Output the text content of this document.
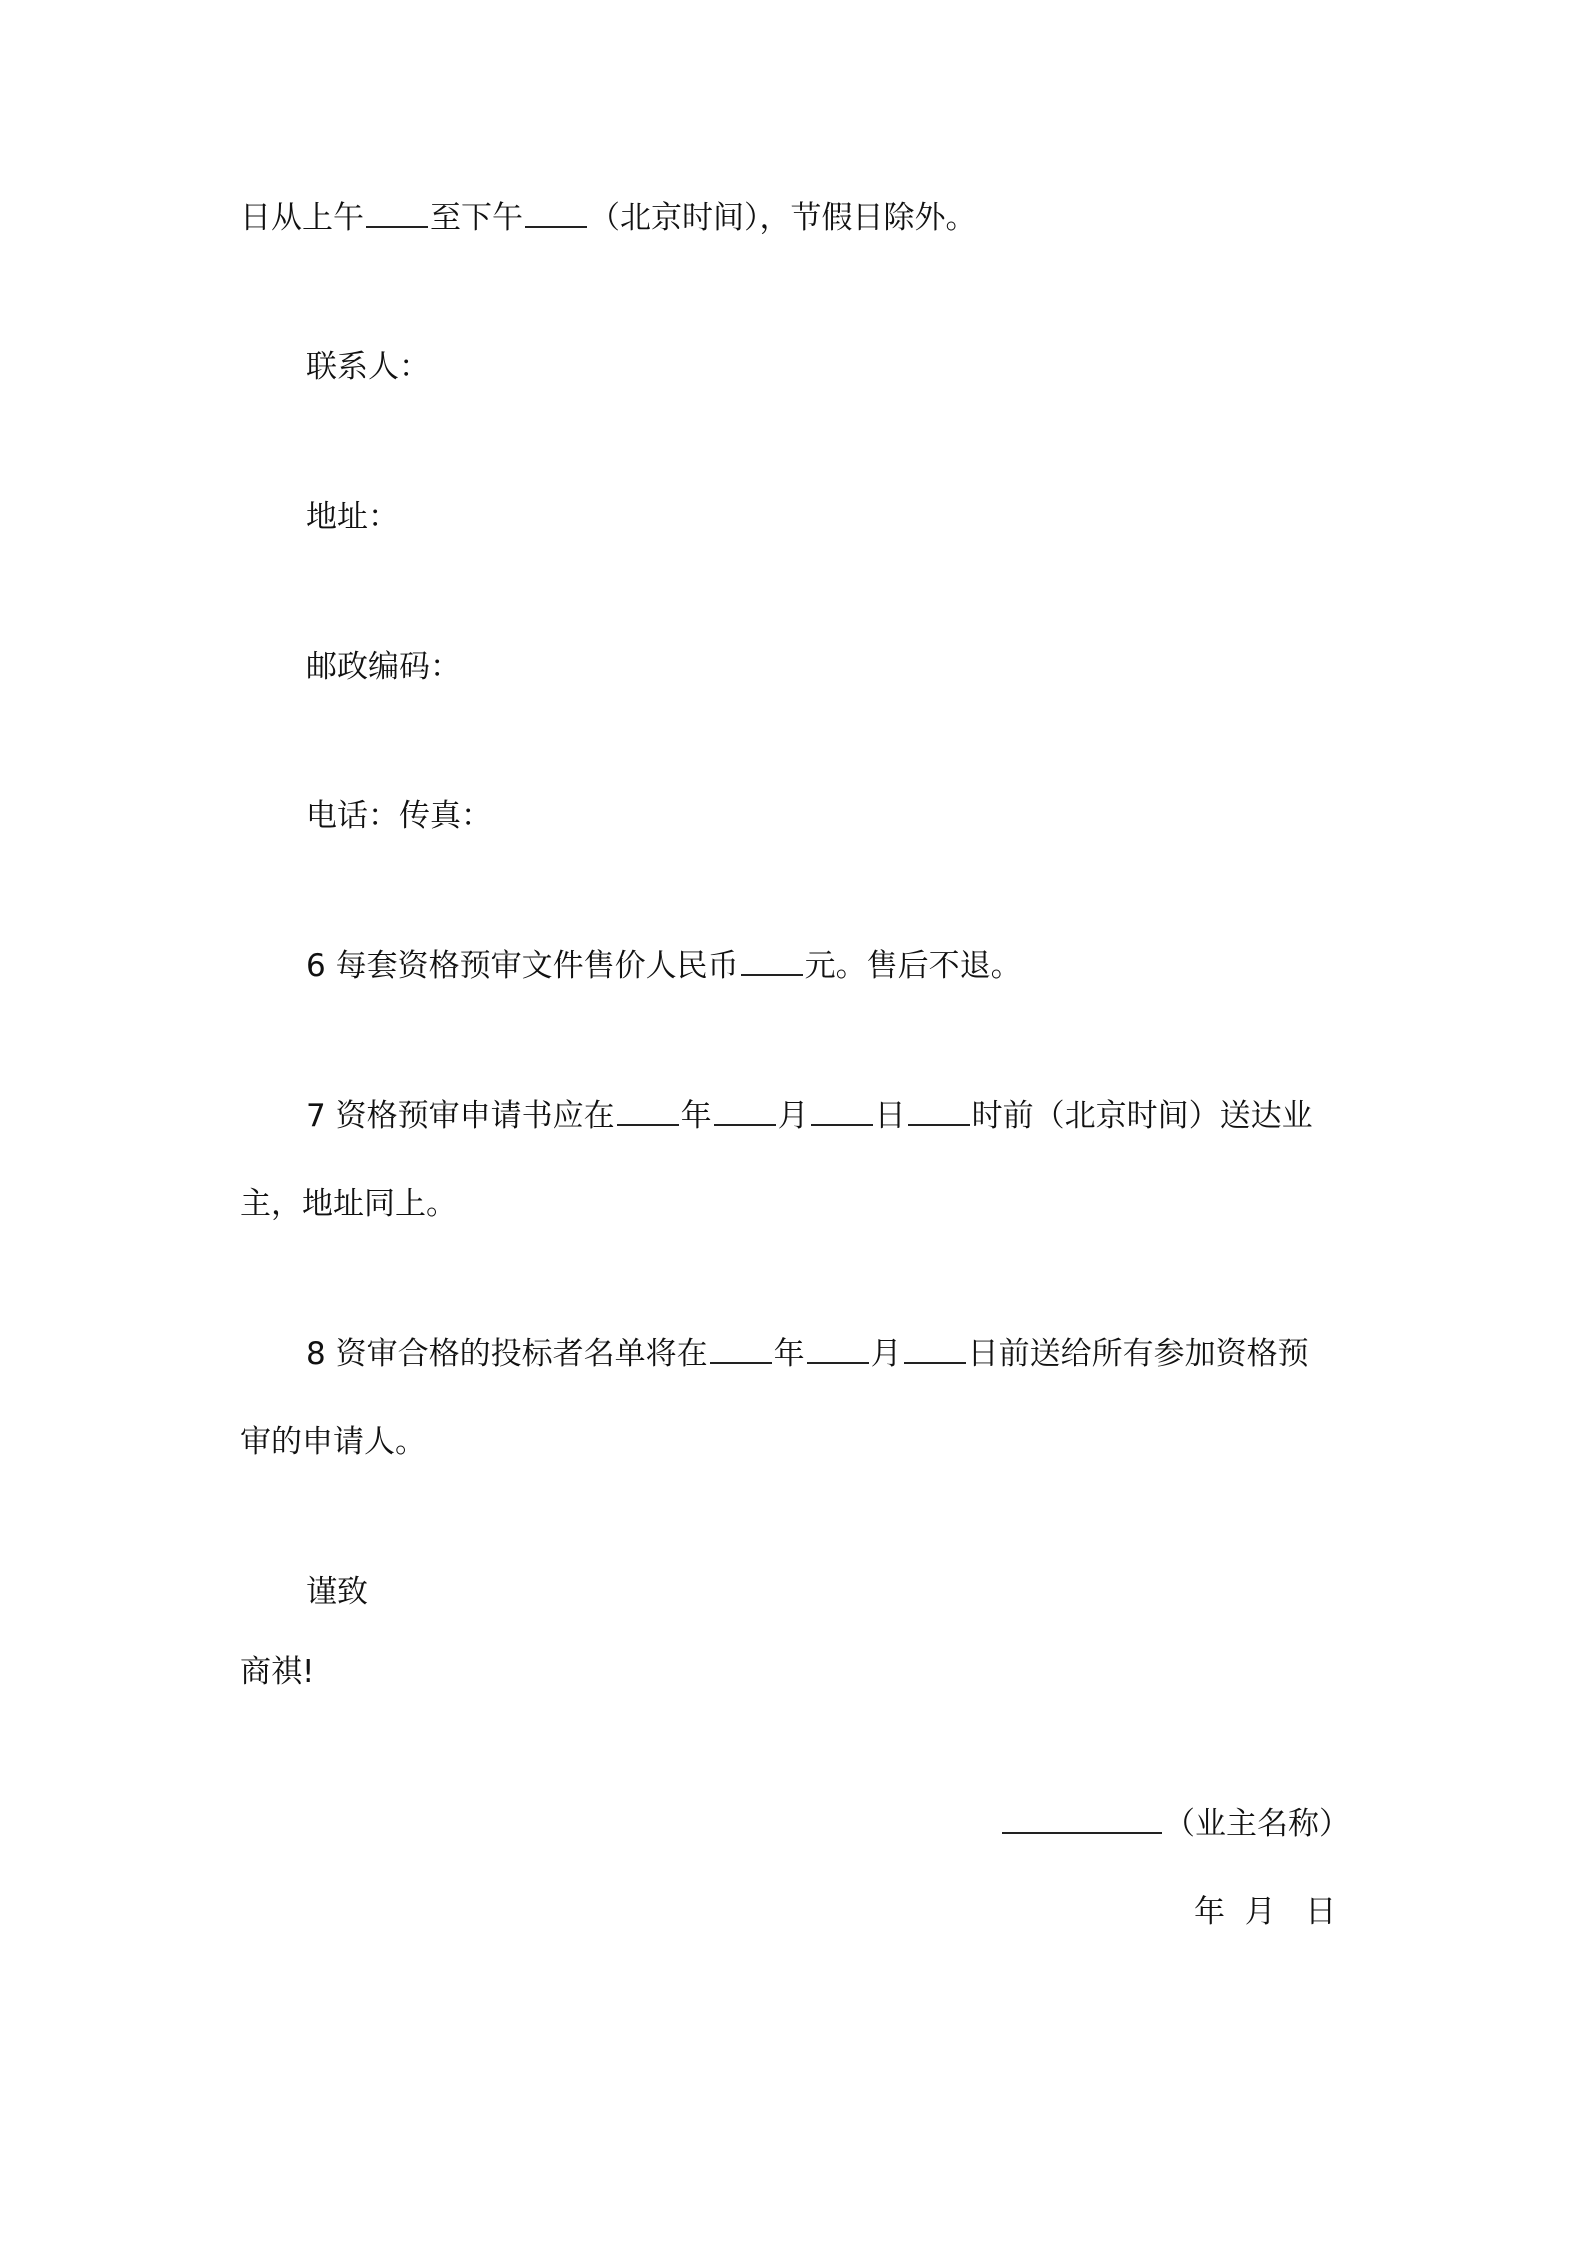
日从上午 至下午 （北京时间），节假日除外。
联系人：
地址：
邮政编码：
电话：传真：
6 每套资格预审文件售价人民币 元。售后不退。
7 资格预审申请书应在 年 月 日 时前（北京时间）送达业
主，地址同上。
8 资审合格的投标者名单将在 年 月 日前送给所有参加资格预
审的申请人。
谨致
商祺!
（业主名称）
年  月   日
